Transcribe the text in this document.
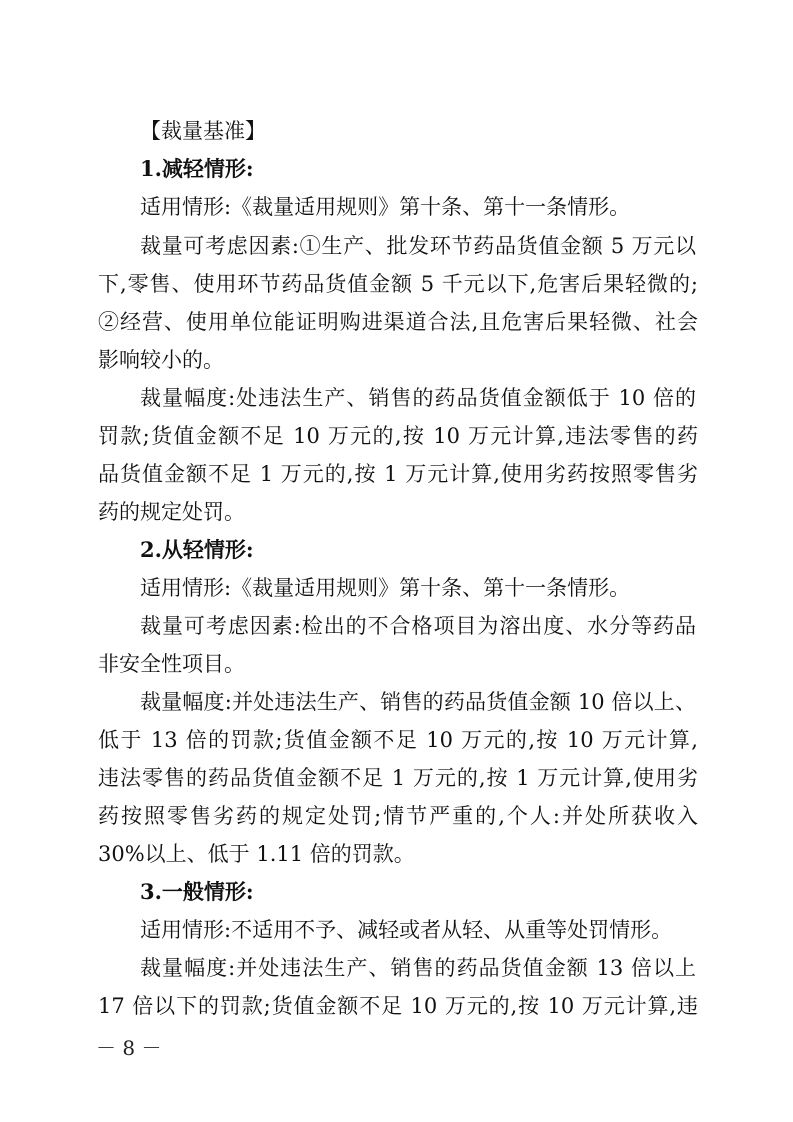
【裁量基准】

1.减轻情形:

适用情形:《裁量适用规则》第十条、第十一条情形。

裁量可考虑因素:①生产、批发环节药品货值金额 5 万元以

下,零售、使用环节药品货值金额 5 千元以下,危害后果轻微的;

②经营、使用单位能证明购进渠道合法,且危害后果轻微、社会

影响较小的。

裁量幅度:处违法生产、销售的药品货值金额低于 10 倍的

罚款;货值金额不足 10 万元的,按 10 万元计算,违法零售的药

品货值金额不足 1 万元的,按 1 万元计算,使用劣药按照零售劣

药的规定处罚。

2.从轻情形:

适用情形:《裁量适用规则》第十条、第十一条情形。

裁量可考虑因素:检出的不合格项目为溶出度、水分等药品

非安全性项目。

裁量幅度:并处违法生产、销售的药品货值金额 10 倍以上、

低于 13 倍的罚款;货值金额不足 10 万元的,按 10 万元计算,

违法零售的药品货值金额不足 1 万元的,按 1 万元计算,使用劣

药按照零售劣药的规定处罚;情节严重的,个人:并处所获收入

30%以上、低于 1.11 倍的罚款。

3.一般情形:

适用情形:不适用不予、减轻或者从轻、从重等处罚情形。

裁量幅度:并处违法生产、销售的药品货值金额 13 倍以上

17 倍以下的罚款;货值金额不足 10 万元的,按 10 万元计算,违

－ 8 －
